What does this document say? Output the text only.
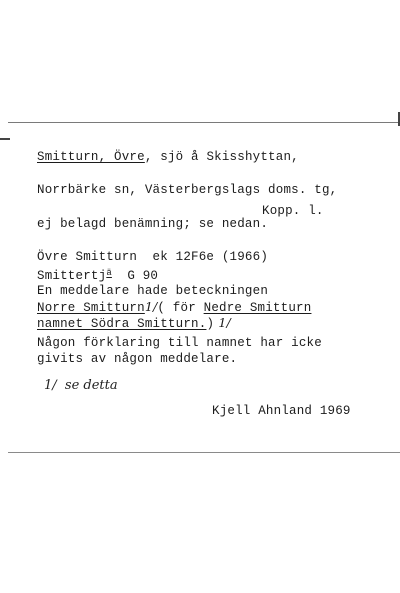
Smitturn, Övre, sjö å Skisshyttan,
Norrbärke sn, Västerbergslags doms. tg,
Kopp. l.
ej belagd benämning; se nedan.
Övre Smitturn  ek 12F6e (1966)
Smittertj$^ä$  G 90
En meddelare hade beteckningen
Norre Smitturn1/( för Nedre Smitturn
namnet Södra Smitturn.) 1/
Någon förklaring till namnet har icke
givits av någon meddelare.
1/ se detta
Kjell Ahnland 1969
